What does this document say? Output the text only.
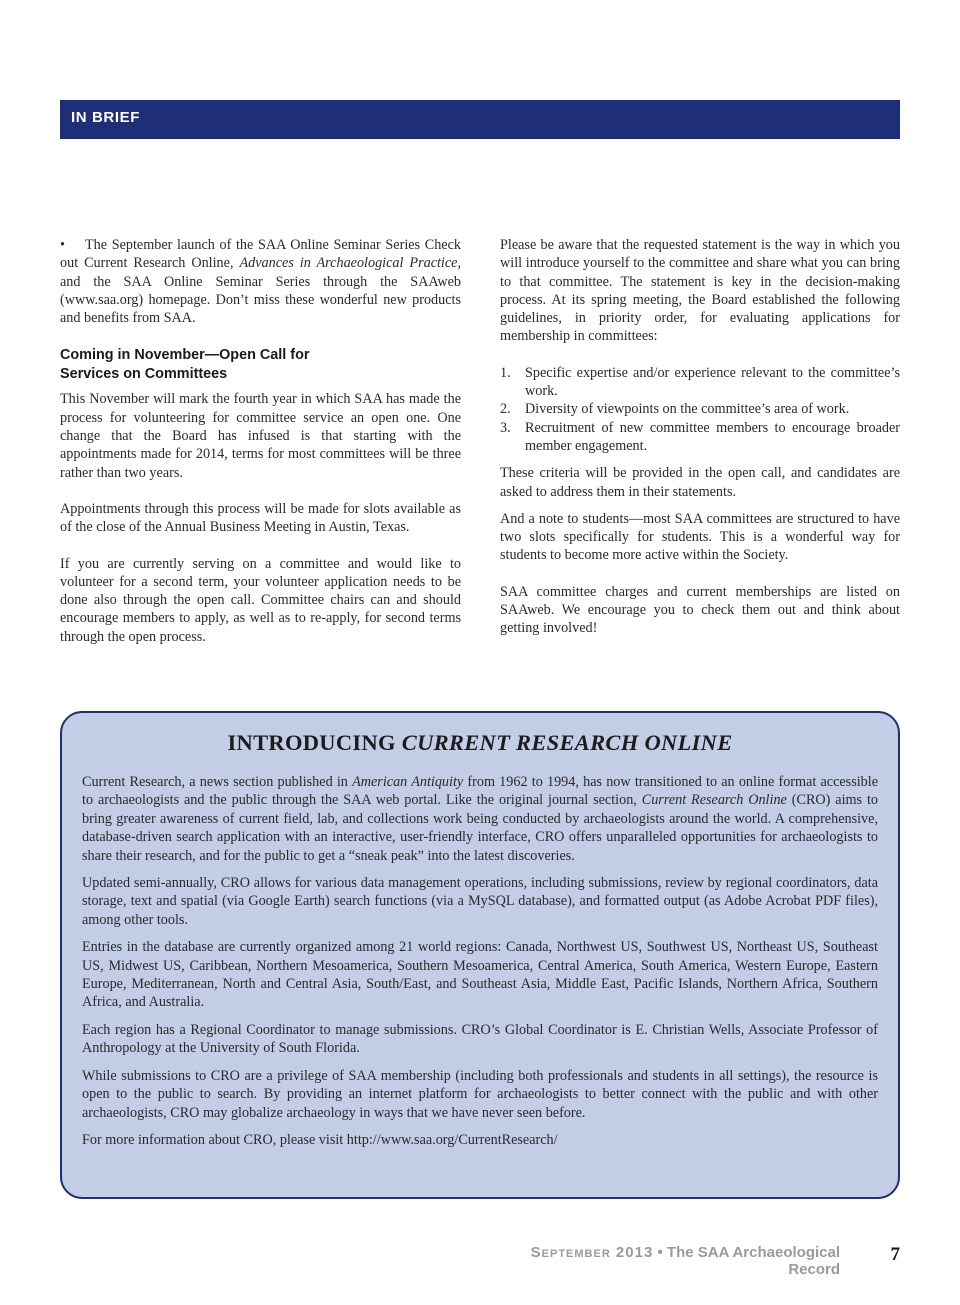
IN BRIEF

• The September launch of the SAA Online Seminar Series Check out Current Research Online, Advances in Archaeological Practice, and the SAA Online Seminar Series through the SAAweb (www.saa.org) homepage. Don’t miss these wonderful new products and benefits from SAA.

Coming in November—Open Call for
Services on Committees

This November will mark the fourth year in which SAA has made the process for volunteering for committee service an open one. One change that the Board has infused is that starting with the appointments made for 2014, terms for most committees will be three rather than two years.

Appointments through this process will be made for slots available as of the close of the Annual Business Meeting in Austin, Texas.

If you are currently serving on a committee and would like to volunteer for a second term, your volunteer application needs to be done also through the open call. Committee chairs can and should encourage members to apply, as well as to re-apply, for second terms through the open process.

Please be aware that the requested statement is the way in which you will introduce yourself to the committee and share what you can bring to that committee. The statement is key in the decision-making process. At its spring meeting, the Board established the following guidelines, in priority order, for evaluating applications for membership in committees:

1. Specific expertise and/or experience relevant to the committee’s work.
2. Diversity of viewpoints on the committee’s area of work.
3. Recruitment of new committee members to encourage broader member engagement.

These criteria will be provided in the open call, and candidates are asked to address them in their statements.

And a note to students—most SAA committees are structured to have two slots specifically for students. This is a wonderful way for students to become more active within the Society.

SAA committee charges and current memberships are listed on SAAweb. We encourage you to check them out and think about getting involved!

INTRODUCING CURRENT RESEARCH ONLINE

Current Research, a news section published in American Antiquity from 1962 to 1994, has now transitioned to an online format accessible to archaeologists and the public through the SAA web portal. Like the original journal section, Current Research Online (CRO) aims to bring greater awareness of current field, lab, and collections work being conducted by archaeologists around the world. A comprehensive, database-driven search application with an interactive, user-friendly interface, CRO offers unparalleled opportunities for archaeologists to share their research, and for the public to get a “sneak peak” into the latest discoveries.

Updated semi-annually, CRO allows for various data management operations, including submissions, review by regional coordinators, data storage, text and spatial (via Google Earth) search functions (via a MySQL database), and formatted output (as Adobe Acrobat PDF files), among other tools.

Entries in the database are currently organized among 21 world regions: Canada, Northwest US, Southwest US, Northeast US, Southeast US, Midwest US, Caribbean, Northern Mesoamerica, Southern Mesoamerica, Central America, South America, Western Europe, Eastern Europe, Mediterranean, North and Central Asia, South/East, and Southeast Asia, Middle East, Pacific Islands, Northern Africa, Southern Africa, and Australia.

Each region has a Regional Coordinator to manage submissions. CRO’s Global Coordinator is E. Christian Wells, Associate Professor of Anthropology at the University of South Florida.

While submissions to CRO are a privilege of SAA membership (including both professionals and students in all settings), the resource is open to the public to search. By providing an internet platform for archaeologists to better connect with the public and with other archaeologists, CRO may globalize archaeology in ways that we have never seen before.

For more information about CRO, please visit http://www.saa.org/CurrentResearch/

September 2013 • The SAA Archaeological Record
7
